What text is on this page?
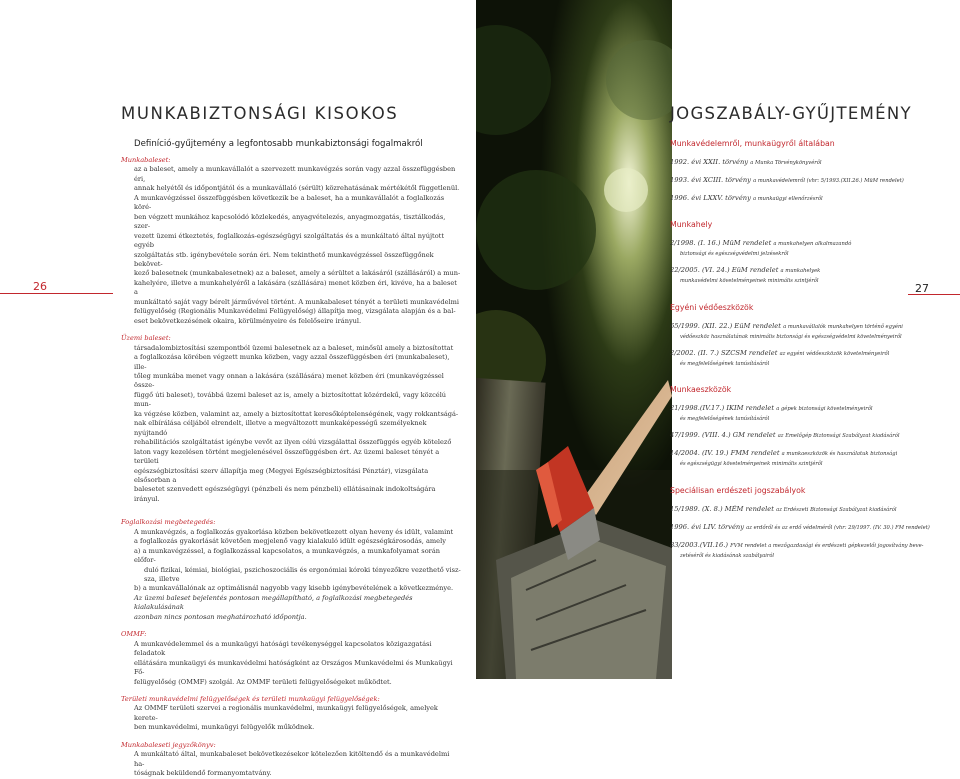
MUNKABIZTONSÁGI KISOKOS
Definíció-gyűjtemény a legfontosabb munkabiztonsági fogalmakról
Munkabaleset:

az a baleset, amely a munkavállalót a szervezett munkavégzés során vagy azzal összefüggésben éri,

annak helyétől és időpontjától és a munkavállaló (sérült) közrehatásának mértékétől függetlenül.

A munkavégzéssel összefüggésben következik be a baleset, ha a munkavállalót a foglalkozás köré-

ben végzett munkához kapcsolódó közlekedés, anyagvételezés, anyagmozgatás, tisztálkodás, szer-

vezett üzemi étkeztetés, foglalkozás-egészségügyi szolgáltatás és a munkáltató által nyújtott egyéb

szolgáltatás stb. igénybevétele során éri. Nem tekinthető munkavégzéssel összefüggőnek bekövet-

kező balesetnek (munkabalesetnek) az a baleset, amely a sérültet a lakásáról (szállásáról) a mun-

kahelyére, illetve a munkahelyéről a lakására (szállására) menet közben éri, kivéve, ha a baleset a

munkáltató saját vagy bérelt járművével történt. A munkabaleset tényét a területi munkavédelmi

felügyelőség (Regionális Munkavédelmi Felügyelőség) állapítja meg, vizsgálata alapján és a bal-

eset bekövetkezésének okaira, körülményeire és felelőseire irányul.

Üzemi baleset:

társadalombiztosítási szempontból üzemi balesetnek az a baleset, minősül amely a biztosítottat

a foglalkozása körében végzett munka közben, vagy azzal összefüggésben éri (munkabaleset), ille-

tőleg munkába menet vagy onnan a lakására (szállására) menet közben éri (munkavégzéssel össze-

függő úti baleset), továbbá üzemi baleset az is, amely a biztosítottat közérdekű, vagy közcélú mun-

ka végzése közben, valamint az, amely a biztosítottat keresőképtelenségének, vagy rokkantságá-

nak elbírálása céljából elrendelt, illetve a megváltozott munkaképességű személyeknek nyújtandó

rehabilitációs szolgáltatást igénybe vevőt az ilyen célú vizsgálattal összefüggés egyéb kötelező

laton vagy kezelésen történt megjelenésével összefüggésben ért. Az üzemi baleset tényét a területi

egészségbiztosítási szerv állapítja meg (Megyei Egészségbiztosítási Pénztár), vizsgálata elsősorban a

balesetet szenvedett egészségügyi (pénzbeli és nem pénzbeli) ellátásainak indokoltságára irányul.

Foglalkozási megbetegedés:

A munkavégzés, a foglalkozás gyakorlása közben bekövetkezett olyan heveny és idült, valamint

a foglalkozás gyakorlását követően megjelenő vagy kialakuló idült egészségkárosodás, amely

a) a munkavégzéssel, a foglalkozással kapcsolatos, a munkavégzés, a munkafolyamat során előfor-

duló fizikai, kémiai, biológiai, pszichoszociális és ergonómiai kóroki tényezőkre vezethető visz-

sza, illetve

b) a munkavállalónak az optimálisnál nagyobb vagy kisebb igénybevételének a következménye.

Az üzemi baleset bejelentés pontosan megállapítható, a foglalkozási megbetegedés kialakulásának

azonban nincs pontosan meghatározható időpontja.

OMMF:

A munkavédelemmel és a munkaügyi hatósági tevékenységgel kapcsolatos közigazgatási feladatok

ellátására munkaügyi és munkavédelmi hatóságként az Országos Munkavédelmi és Munkaügyi Fő-

felügyelőség (OMMF) szolgál. Az OMMF területi felügyelőségeket működtet.

Területi munkavédelmi felügyelőségek és területi munkaügyi felügyelőségek:

Az OMMF területi szervei a regionális munkavédelmi, munkaügyi felügyelőségek, amelyek kerete-

ben munkavédelmi, munkaügyi felügyelők működnek.

Munkabaleseti jegyzőkönyv:

A munkáltató által, munkabaleset bekövetkezésekor kötelezően kitöltendő és a munkavédelmi ha-

tóságnak beküldendő formanyomtatvány.

26
JOGSZABÁLY-GYŰJTEMÉNY
Munkavédelemről, munkaügyről általában
1992. évi XXII. törvény a Munka Törvénykönyvéről
1993. évi XCIII. törvény a munkavédelemről (vhr: 5/1993.(XII.26.) MüM rendelet)
1996. évi LXXV. törvény a munkaügyi ellenőrzésről
Munkahely
2/1998. (I. 16.) MüM rendelet a munkahelyen alkalmazandó
biztonsági és egészségvédelmi jelzésekről
22/2005. (VI. 24.) EüM rendelet a munkahelyek
munkavédelmi követelményeinek minimális szintjéről
Egyéni védőeszközök
65/1999. (XII. 22.) EüM rendelet a munkavállalók munkahelyen történő egyéni
védőeszköz használatának minimális biztonsági és egészségvédelmi követelményeiről
2/2002. (II. 7.) SZCSM rendelet az egyéni védőeszközök követelményeiről
és megfelelőségének tanúsításáról
Munkaeszközök
21/1998.(IV.17.) IKIM rendelet a gépek biztonsági követelményeiről
és megfelelőségének tanúsításáról
47/1999. (VIII. 4.) GM rendelet az Emelőgép Biztonsági Szabályzat kiadásáról
14/2004. (IV. 19.) FMM rendelet a munkaeszközök és használatuk biztonsági
és egészségügyi követelményeinek minimális szintjéről
Speciálisan erdészeti jogszabályok
15/1989. (X. 8.) MÉM rendelet az Erdészeti Biztonsági Szabályzat kiadásáról
1996. évi LIV. törvény az erdőről és az erdő védelméről (vhr: 29/1997. (IV. 30.) FM rendelet)
83/2003.(VII.16.) FVM rendelet a mezőgazdasági és erdészeti gépkezelői jogosítvány beve-
zetéséről és kiadásának szabályairól
27
